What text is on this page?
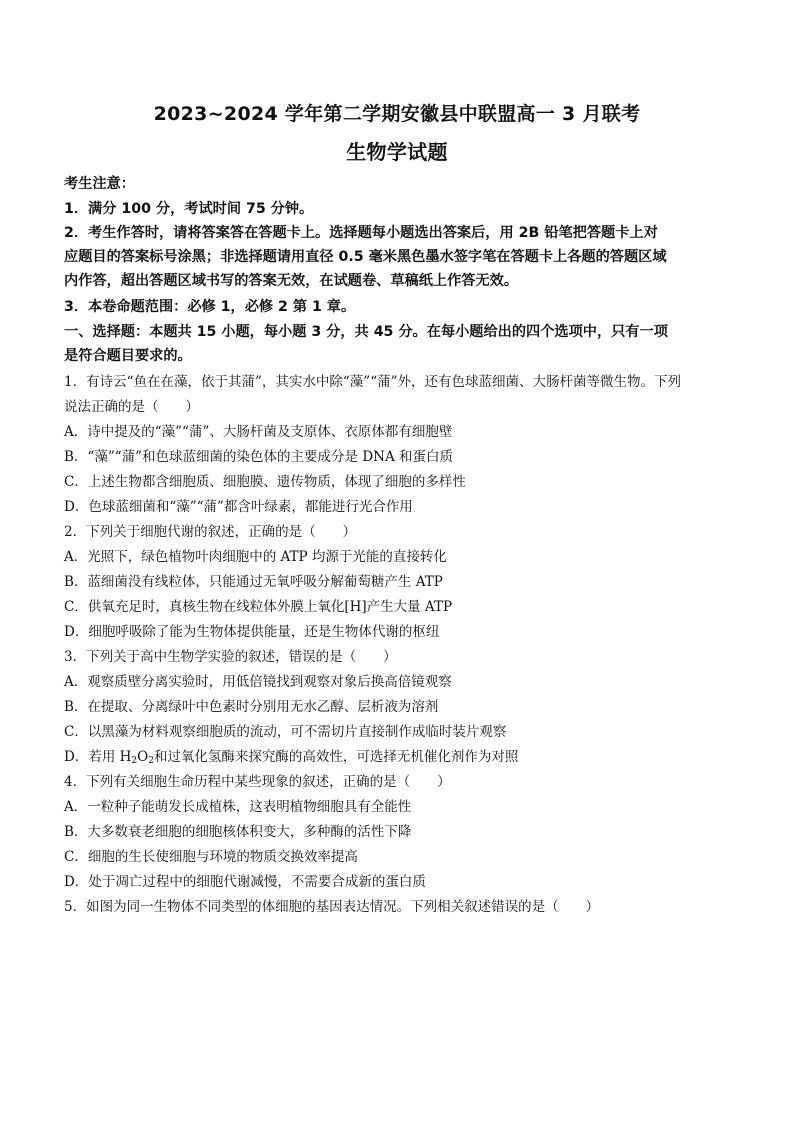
2023~2024 学年第二学期安徽县中联盟高一 3 月联考
生物学试题
考生注意：
1．满分 100 分，考试时间 75 分钟。
2．考生作答时，请将答案答在答题卡上。选择题每小题选出答案后，用 2B 铅笔把答题卡上对
应题目的答案标号涂黑；非选择题请用直径 0.5 毫米黑色墨水签字笔在答题卡上各题的答题区域
内作答，超出答题区域书写的答案无效，在试题卷、草稿纸上作答无效。
3．本卷命题范围：必修 1，必修 2 第 1 章。
一、选择题：本题共 15 小题，每小题 3 分，共 45 分。在每小题给出的四个选项中，只有一项
是符合题目要求的。
1．有诗云“鱼在在藻，依于其蒲”，其实水中除“藻”“蒲”外，还有色球蓝细菌、大肠杆菌等微生物。下列
说法正确的是（　　）
A．诗中提及的“藻”“蒲”、大肠杆菌及支原体、衣原体都有细胞壁
B．“藻”“蒲”和色球蓝细菌的染色体的主要成分是 DNA 和蛋白质
C．上述生物都含细胞质、细胞膜、遗传物质，体现了细胞的多样性
D．色球蓝细菌和“藻”“蒲”都含叶绿素，都能进行光合作用
2．下列关于细胞代谢的叙述，正确的是（　　）
A．光照下，绿色植物叶肉细胞中的 ATP 均源于光能的直接转化
B．蓝细菌没有线粒体，只能通过无氧呼吸分解葡萄糖产生 ATP
C．供氧充足时，真核生物在线粒体外膜上氧化[H]产生大量 ATP
D．细胞呼吸除了能为生物体提供能量，还是生物体代谢的枢纽
3．下列关于高中生物学实验的叙述，错误的是（　　）
A．观察质壁分离实验时，用低倍镜找到观察对象后换高倍镜观察
B．在提取、分离绿叶中色素时分别用无水乙醇、层析液为溶剂
C．以黑藻为材料观察细胞质的流动，可不需切片直接制作成临时装片观察
D．若用 $H_2O_2$和过氧化氢酶来探究酶的高效性，可选择无机催化剂作为对照
4．下列有关细胞生命历程中某些现象的叙述，正确的是（　　）
A．一粒种子能萌发长成植株，这表明植物细胞具有全能性
B．大多数衰老细胞的细胞核体积变大，多种酶的活性下降
C．细胞的生长使细胞与环境的物质交换效率提高
D．处于凋亡过程中的细胞代谢减慢，不需要合成新的蛋白质
5．如图为同一生物体不同类型的体细胞的基因表达情况。下列相关叙述错误的是（　　）
